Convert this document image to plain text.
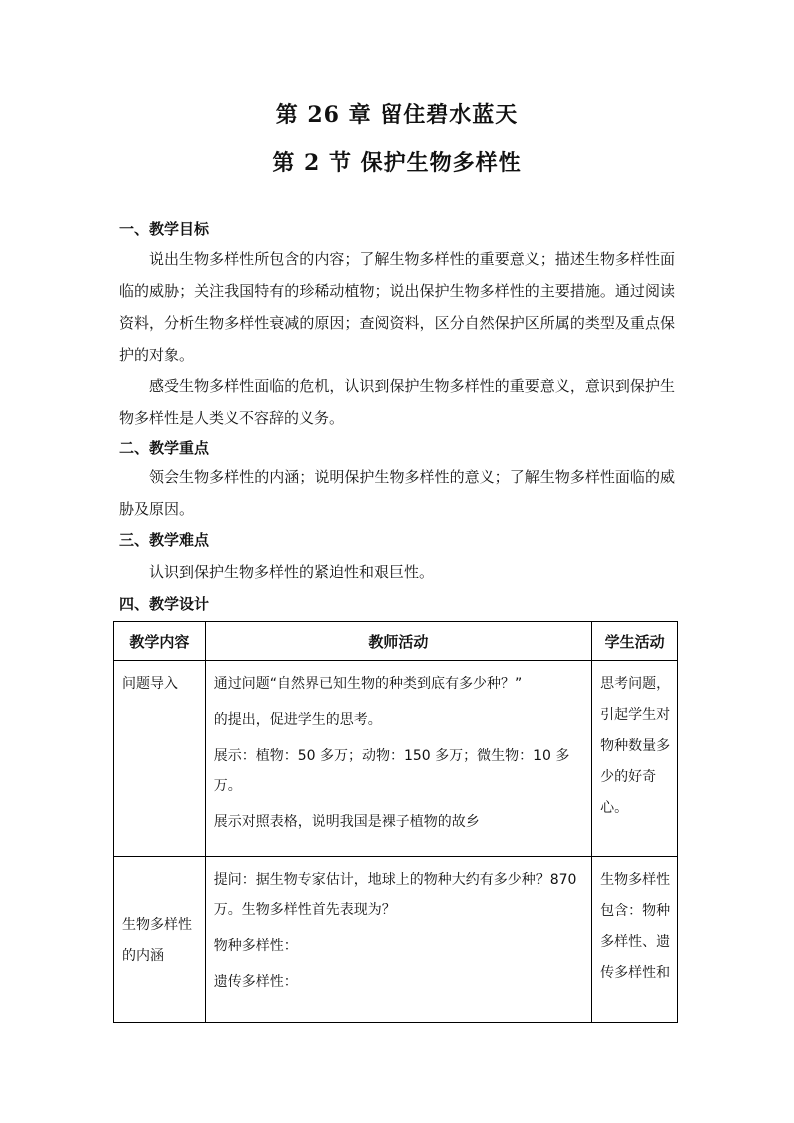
第 26 章 留住碧水蓝天
第 2 节 保护生物多样性
一、教学目标
说出生物多样性所包含的内容；了解生物多样性的重要意义；描述生物多样性面临的威胁；关注我国特有的珍稀动植物；说出保护生物多样性的主要措施。通过阅读资料，分析生物多样性衰减的原因；查阅资料，区分自然保护区所属的类型及重点保护的对象。
感受生物多样性面临的危机，认识到保护生物多样性的重要意义，意识到保护生物多样性是人类义不容辞的义务。
二、教学重点
领会生物多样性的内涵；说明保护生物多样性的意义；了解生物多样性面临的威胁及原因。
三、教学难点
认识到保护生物多样性的紧迫性和艰巨性。
四、教学设计
教学内容	教师活动	学生活动

问题导入	通过问题“自然界已知生物的种类到底有多少种？”

的提出，促进学生的思考。

展示：植物：50 多万；动物：150 多万；微生物：10 多万。

展示对照表格，说明我国是裸子植物的故乡	思考问题，引起学生对物种数量多少的好奇心。

生物多样性的内涵	提问：据生物专家估计，地球上的物种大约有多少种？870 万。生物多样性首先表现为？

物种多样性：

遗传多样性：	生物多样性包含：物种多样性、遗传多样性和
